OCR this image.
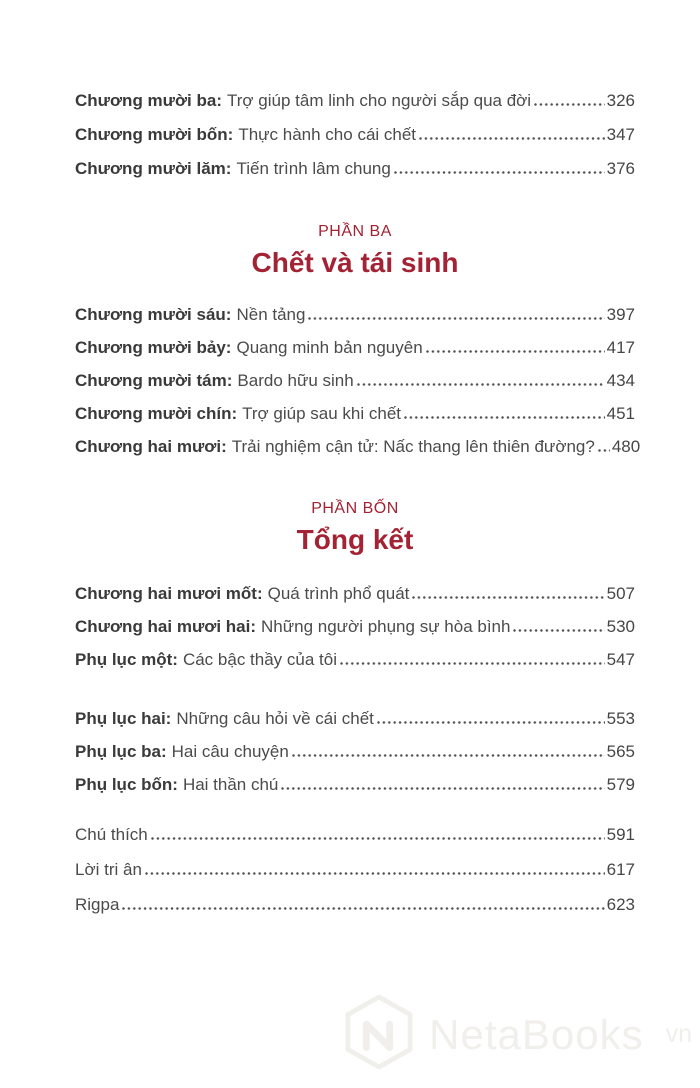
Chương mười ba: Trợ giúp tâm linh cho người sắp qua đời	326
Chương mười bốn: Thực hành cho cái chết	347
Chương mười lăm: Tiến trình lâm chung	376
PHẦN BA
Chết và tái sinh
Chương mười sáu: Nền tảng	397
Chương mười bảy: Quang minh bản nguyên	417
Chương mười tám: Bardo hữu sinh	434
Chương mười chín: Trợ giúp sau khi chết	451
Chương hai mươi: Trải nghiệm cận tử: Nấc thang lên thiên đường? 480
PHẦN BỐN
Tổng kết
Chương hai mươi mốt: Quá trình phổ quát	507
Chương hai mươi hai: Những người phụng sự hòa bình	530
Phụ lục một: Các bậc thầy của tôi	547
Phụ lục hai: Những câu hỏi về cái chết	553
Phụ lục ba: Hai câu chuyện	565
Phụ lục bốn: Hai thần chú	579
Chú thích	591
Lời tri ân	617
Rigpa	623
NetaBooks vn
